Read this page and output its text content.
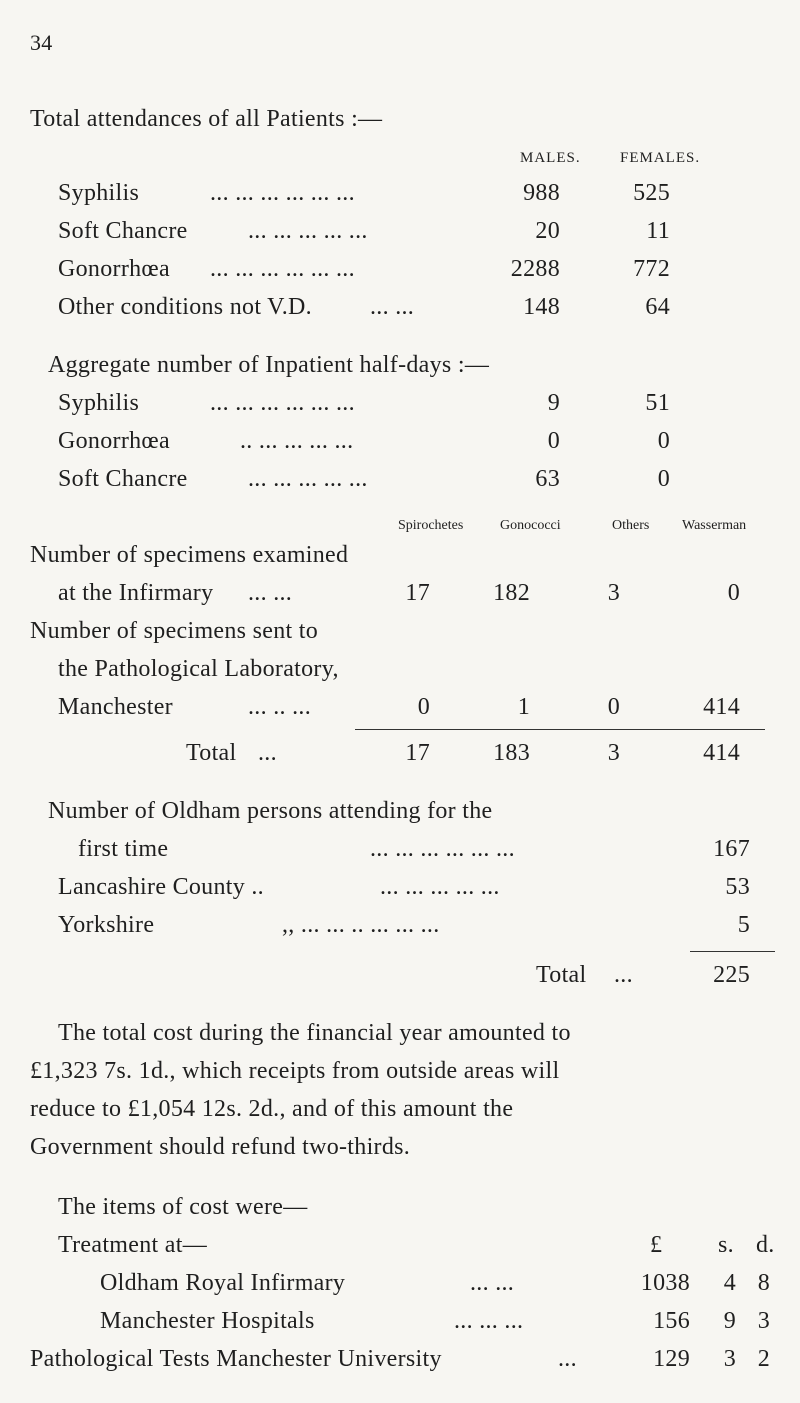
34
Total attendances of all Patients :—
MALES.	FEMALES.
Syphilis	... ... ... ... ... ...	988	525
Soft Chancre	... ... ... ... ...	20	11
Gonorrhœa ... ... ... ... ... ...	2288	772
Other conditions not V.D. ... ...	148	64
Aggregate number of Inpatient half-days :—
Syphilis	... ... ... ... ... ...	9	51
Gonorrhœa	.. ... ... ... ...	0	0
Soft Chancre	... ... ... ... ...	63	0
Spirochetes	Gonococci	Others Wasserman
Number of specimens examined
at the Infirmary ... ...	17	182	3	0
Number of specimens sent to
the Pathological Laboratory,
Manchester	... .. ...	0	1	0	414
Total ...	17	183	3	414
Number of Oldham persons attending for the
first time	... ... ... ... ... ...	167
Lancashire County ..	... ... ... ... ...	53
Yorkshire	,, ... ... .. ... ... ...	5
Total ...	225
The total cost during the financial year amounted to
£1,323 7s. 1d., which receipts from outside areas will
reduce to £1,054 12s. 2d., and of this amount the
Government should refund two-thirds.
The items of cost were—
Treatment at—	£ s. d.
Oldham Royal Infirmary	... ...	1038	4 8
Manchester Hospitals	... ... ...	156	9 3
Pathological Tests Manchester University	...	129	3 2
